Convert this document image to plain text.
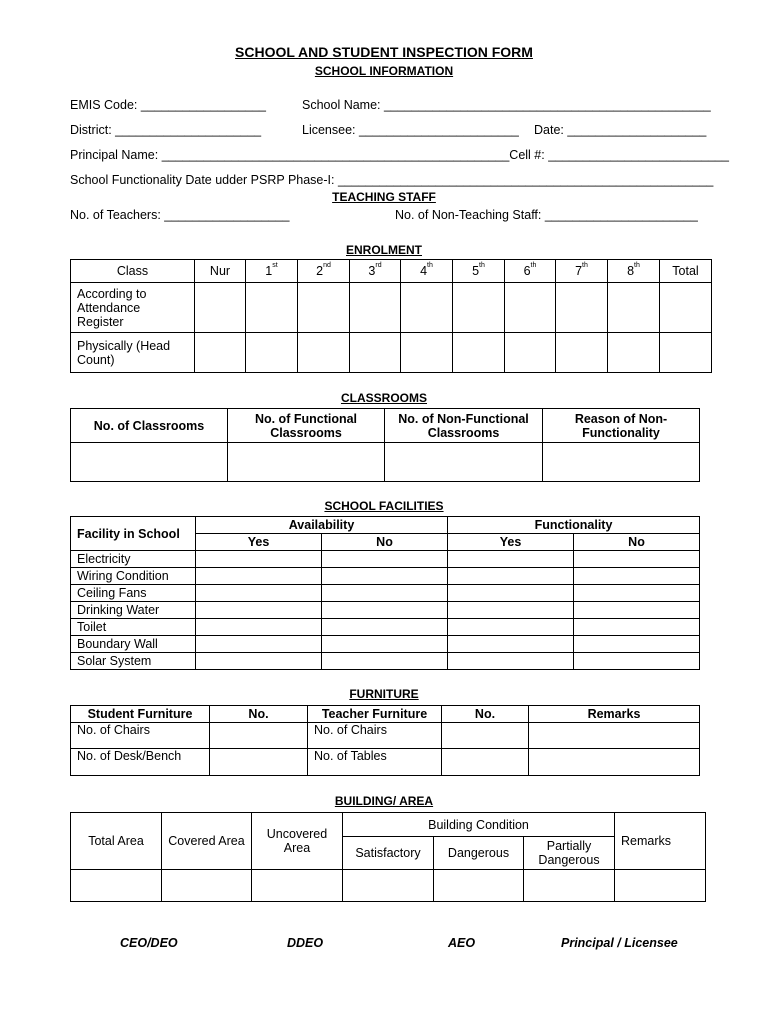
SCHOOL AND STUDENT INSPECTION FORM
SCHOOL INFORMATION
EMIS Code: __________________	School Name: _______________________________________________
District: _____________________	Licensee: _______________________ Date: ____________________
Principal Name: __________________________________________________Cell #: __________________________
School Functionality Date udder PSRP Phase-I: ______________________________________________________
TEACHING STAFF
No. of Teachers: __________________	No. of Non-Teaching Staff: ______________________
ENROLMENT
Class	Nur	1st	2nd	3rd	4th	5th	6th	7th	8th	Total
According to Attendance Register										
Physically (Head Count)										
CLASSROOMS
No. of Classrooms	No. of Functional Classrooms	No. of Non-Functional Classrooms	Reason of Non-Functionality

SCHOOL FACILITIES
Facility in School	Availability		Functionality	
	Yes	No	Yes	No
Electricity				
Wiring Condition				
Ceiling Fans				
Drinking Water				
Toilet				
Boundary Wall				
Solar System				
FURNITURE
Student Furniture	No.	Teacher Furniture	No.	Remarks
No. of Chairs		No. of Chairs		
No. of Desk/Bench		No. of Tables		
BUILDING/ AREA
Total Area	Covered Area	Uncovered Area	Building Condition			Remarks
			Satisfactory	Dangerous	Partially Dangerous	

CEO/DEO	DDEO	AEO	Principal / Licensee
